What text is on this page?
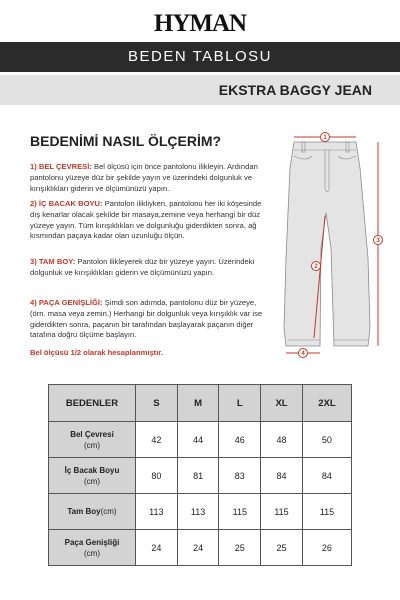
HYMAN
BEDEN TABLOSU
EKSTRA BAGGY JEAN
BEDENİMİ NASIL ÖLÇERİM?
1) BEL ÇEVRESİ: Bel ölçüsü için önce pantolonu ilikleyin. Ardından pantolonu yüzeye düz bir şekilde yayın ve üzerindeki dolgunluk ve kırışıklıkları giderin ve ölçümünüzü yapın.
2) İÇ BACAK BOYU: Pantolon ilikliyken, pantolonu her iki köşesinde dış kenarlar olacak şekilde bir masaya,zemine veya herhangi bir düz yüzeye yayın. Tüm kırışıklıkları ve dolgunluğu giderdikten sonra, ağ kısmından paçaya kadar olan uzunluğu ölçün.
3) TAM BOY: Pantolon ilikleyerek düz bir yüzeye yayın. Üzerindeki dolgunluk ve kırışıklıkları giderin ve ölçümünüzü yapın.
4) PAÇA GENİŞLİĞİ: Şimdi son adımda, pantolonu düz bir yüzeye, (örn. masa veya zemin.) Herhangi bir dolgunluk veya kırışıklık var ise giderdikten sonra, paçanın bir tarafından başlayarak paçanın diğer tarafına doğru ölçüme başlayın.
Bel ölçüsü 1/2 olarak hesaplanmıştır.
1
2
3
4
BEDENLER	S	M	L	XL	2XL
Bel Çevresi
(cm)	42	44	46	48	50
İç Bacak Boyu
(cm)	80	81	83	84	84
Tam Boy(cm)	113	113	115	115	115
Paça Genişliği
(cm)	24	24	25	25	26
